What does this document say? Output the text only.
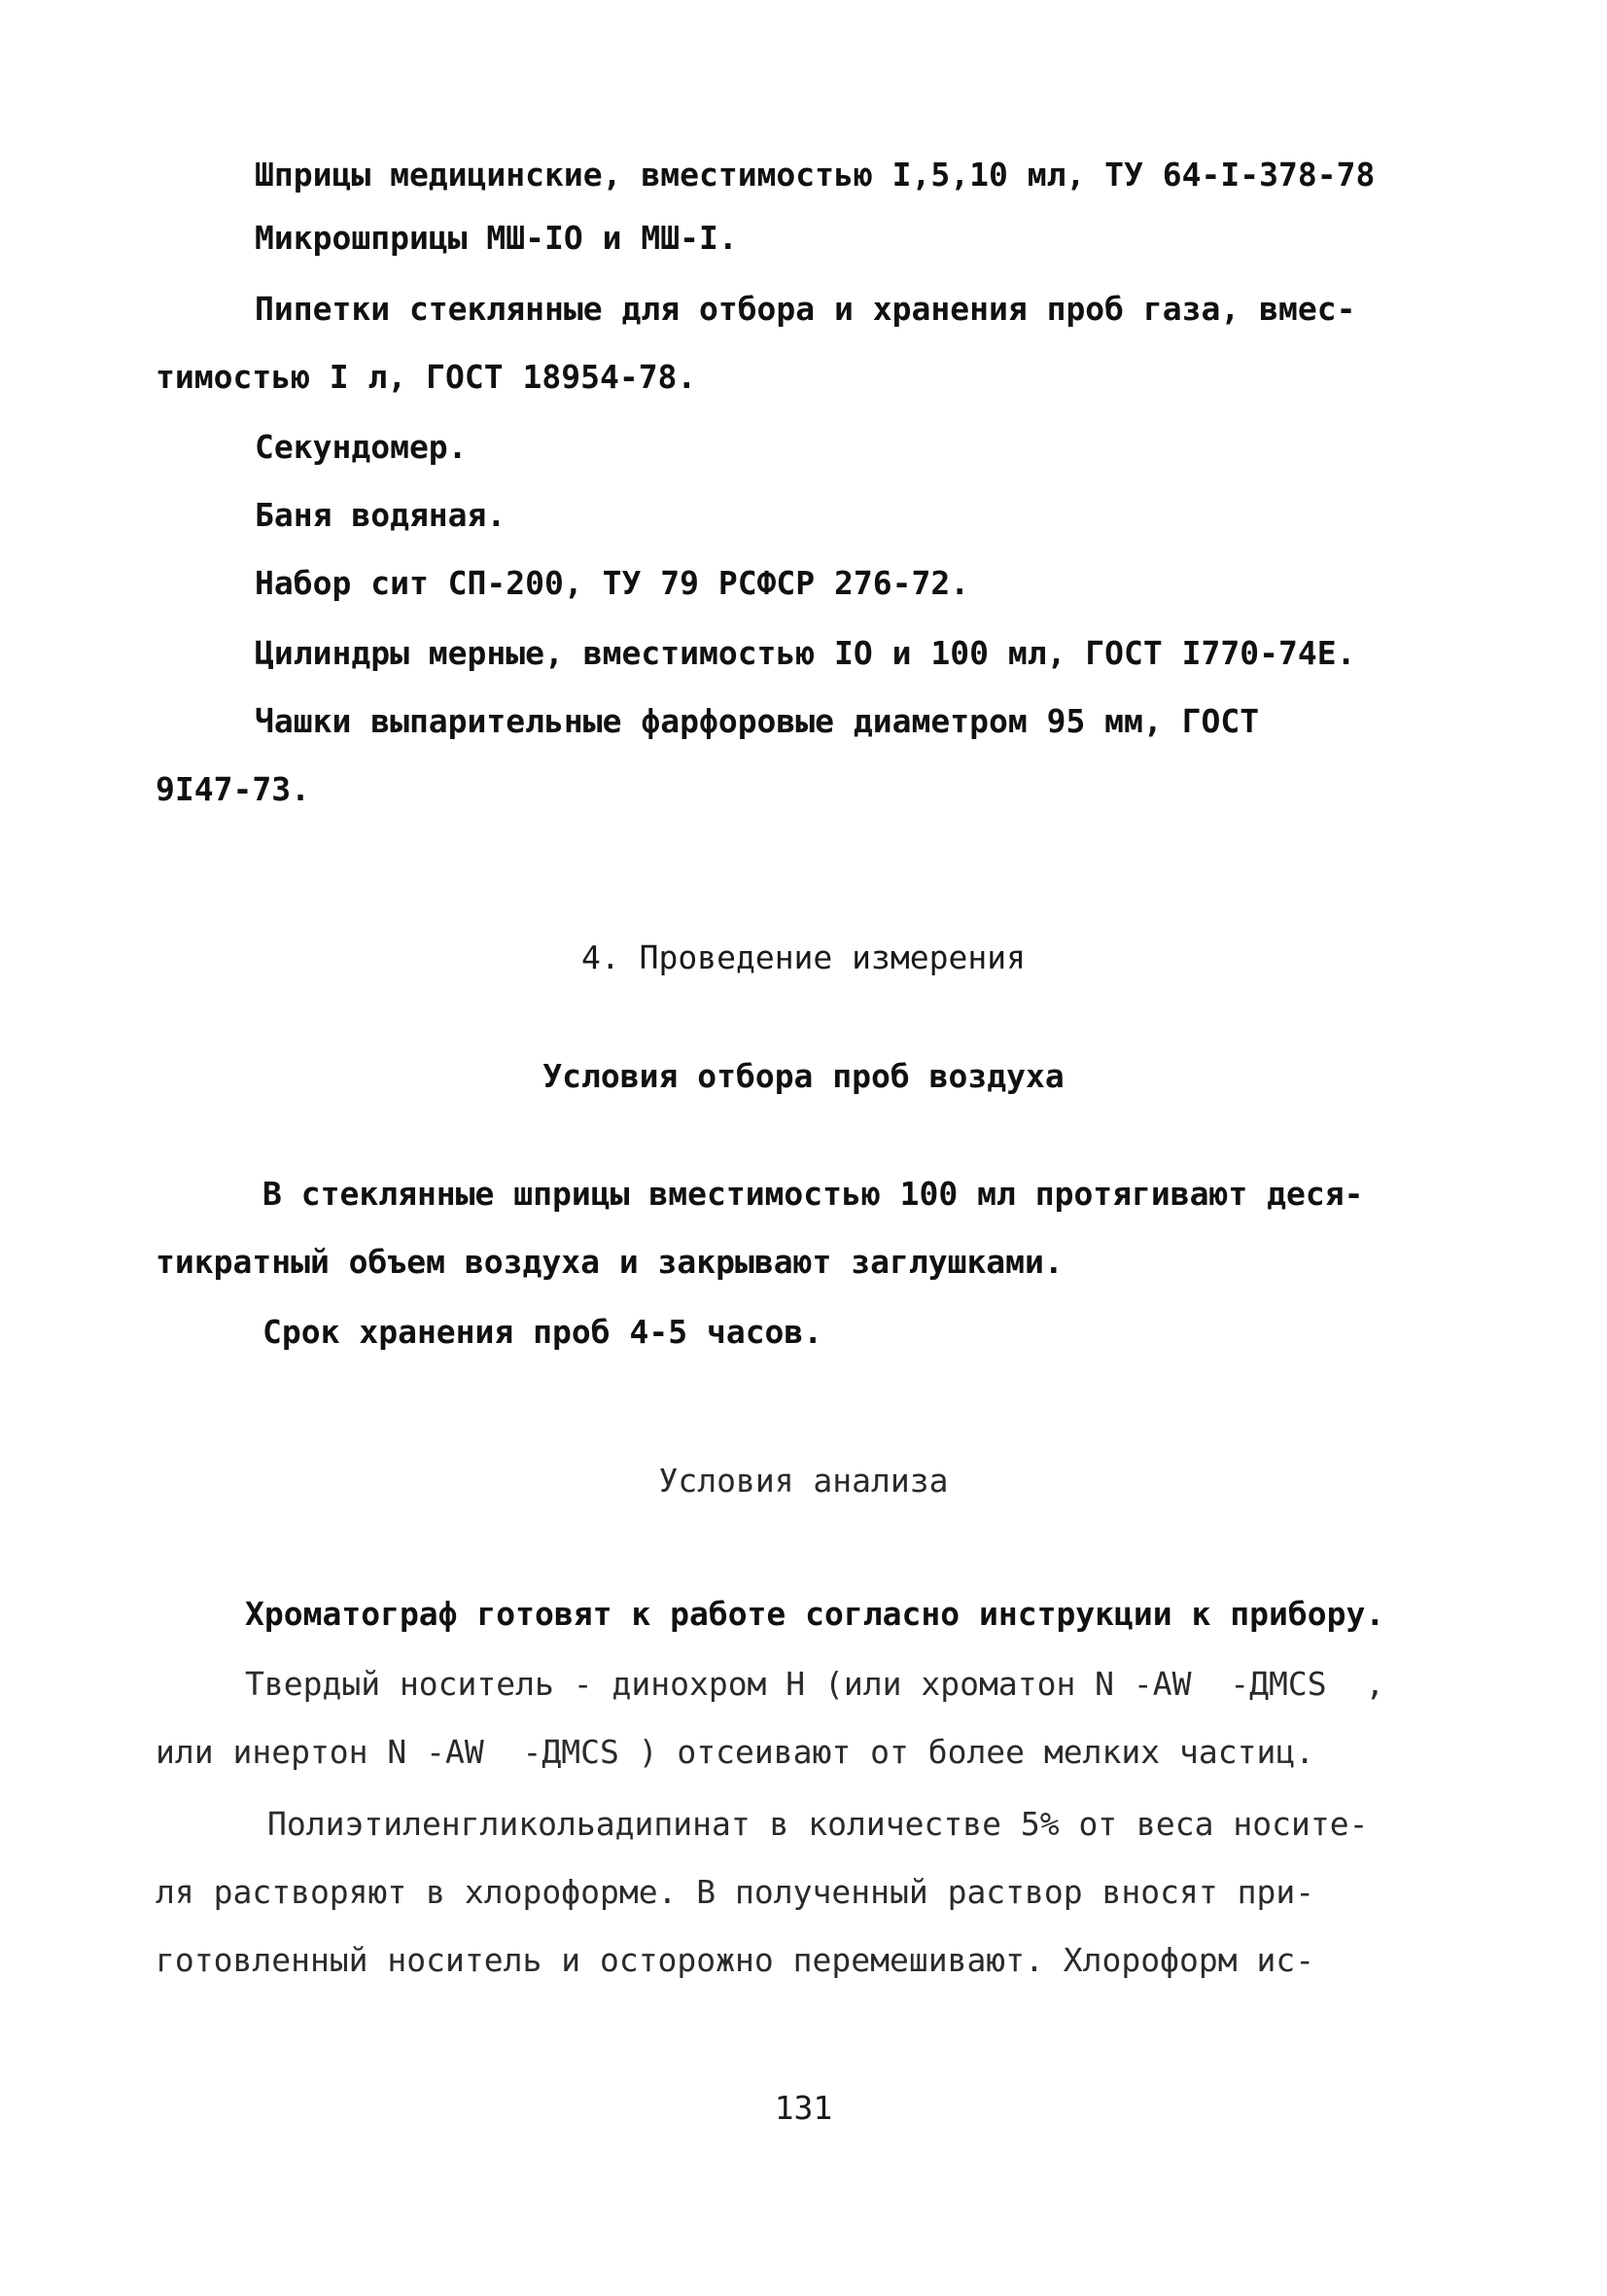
Шприцы медицинские, вместимостью I,5,10 мл, ТУ 64-I-378-78
Микрошприцы МШ-IO и МШ-I.
Пипетки стеклянные для отбора и хранения проб газа, вмес-
тимостью I л, ГОСТ 18954-78.
Секундомер.
Баня водяная.
Набор сит СП-200, ТУ 79 РСФСР 276-72.
Цилиндры мерные, вместимостью IO и 100 мл, ГОСТ I770-74Е.
Чашки выпарительные фарфоровые диаметром 95 мм, ГОСТ
9I47-73.
4. Проведение измерения
Условия отбора проб воздуха
В стеклянные шприцы вместимостью 100 мл протягивают деся-
тикратный объем воздуха и закрывают заглушками.
Срок хранения проб 4-5 часов.
Условия анализа
Хроматограф готовят к работе согласно инструкции к прибору.
Твердый носитель - динохром Н (или хроматон N -AW  -ДМCS  ,
или инертон N -AW  -ДМCS ) отсеивают от более мелких частиц.
Полиэтиленгликольадипинат в количестве 5% от веса носите-
ля растворяют в хлороформе. В полученный раствор вносят при-
готовленный носитель и осторожно перемешивают. Хлороформ ис-
131
